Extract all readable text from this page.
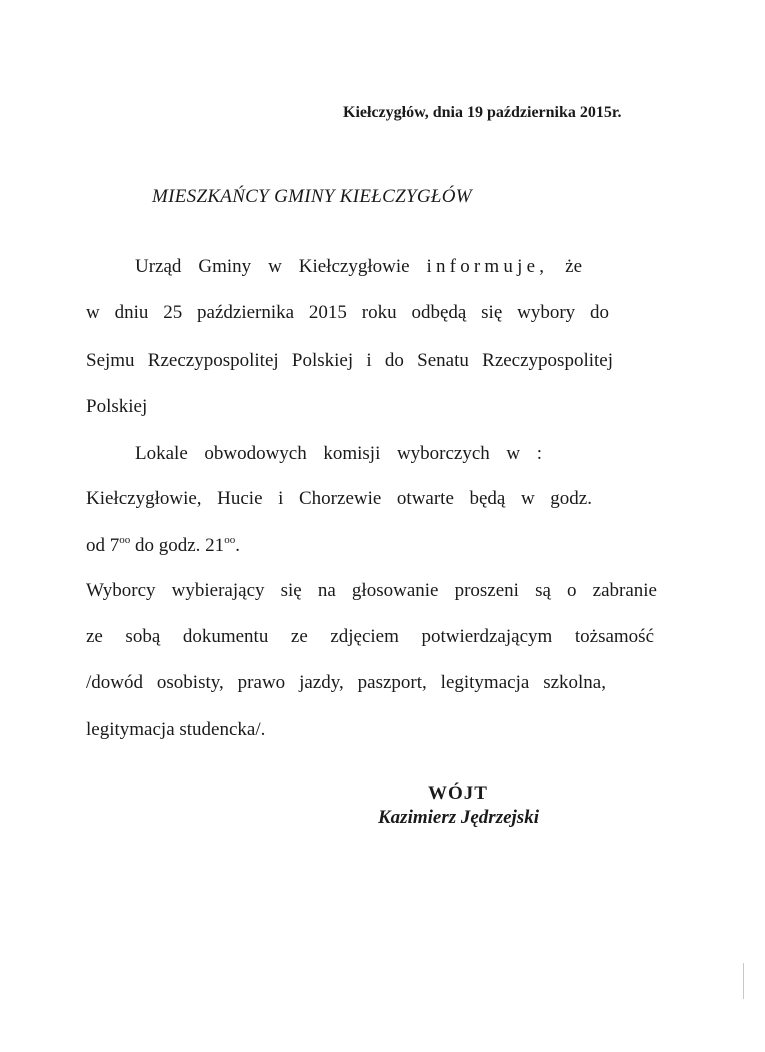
Kiełczygłów, dnia 19 października 2015r.
MIESZKAŃCY GMINY KIEŁCZYGŁÓW
Urząd Gminy w Kiełczygłowie informuje, że
w dniu 25 października 2015 roku odbędą się wybory do
Sejmu Rzeczypospolitej Polskiej i do Senatu Rzeczypospolitej
Polskiej
Lokale obwodowych komisji wyborczych w :
Kiełczygłowie, Hucie i Chorzewie otwarte będą w godz.
od $7^{oo}$ do godz. $21^{oo}$.
Wyborcy wybierający się na głosowanie proszeni są o zabranie
ze sobą dokumentu ze zdjęciem potwierdzającym tożsamość
/dowód osobisty, prawo jazdy, paszport, legitymacja szkolna,
legitymacja studencka/.
WÓJT
Kazimierz Jędrzejski
